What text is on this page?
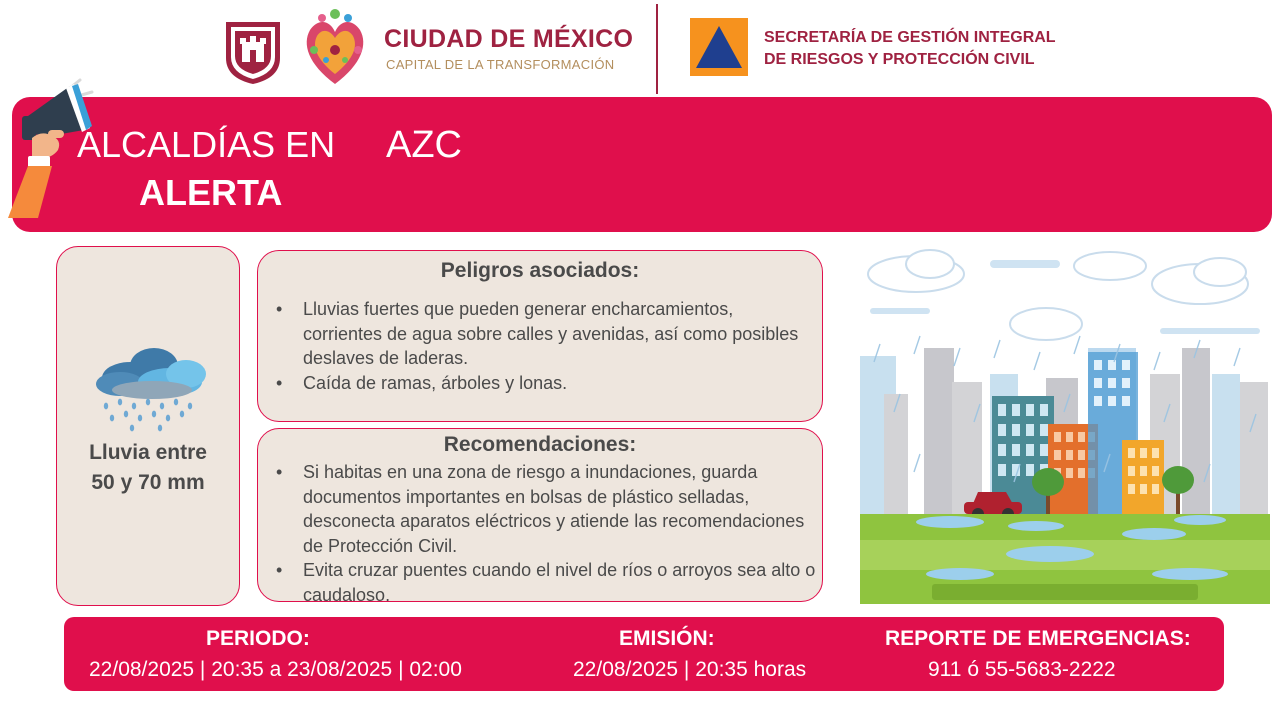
CIUDAD DE MÉXICO
CAPITAL DE LA TRANSFORMACIÓN
SECRETARÍA DE GESTIÓN INTEGRAL
DE RIESGOS Y PROTECCIÓN CIVIL
ALCALDÍAS EN
ALERTA
AZC
Lluvia entre
50 y 70 mm
Peligros asociados:
• Lluvias fuertes que pueden generar encharcamientos, corrientes de agua sobre calles y avenidas, así como posibles deslaves de laderas.
• Caída de ramas, árboles y lonas.
Recomendaciones:
• Si habitas en una zona de riesgo a inundaciones, guarda documentos importantes en bolsas de plástico selladas, desconecta aparatos eléctricos y atiende las recomendaciones de Protección Civil.
• Evita cruzar puentes cuando el nivel de ríos o arroyos sea alto o caudaloso.
PERIODO:
22/08/2025 | 20:35 a 23/08/2025 | 02:00
EMISIÓN:
22/08/2025 | 20:35 horas
REPORTE DE EMERGENCIAS:
911 ó 55-5683-2222
